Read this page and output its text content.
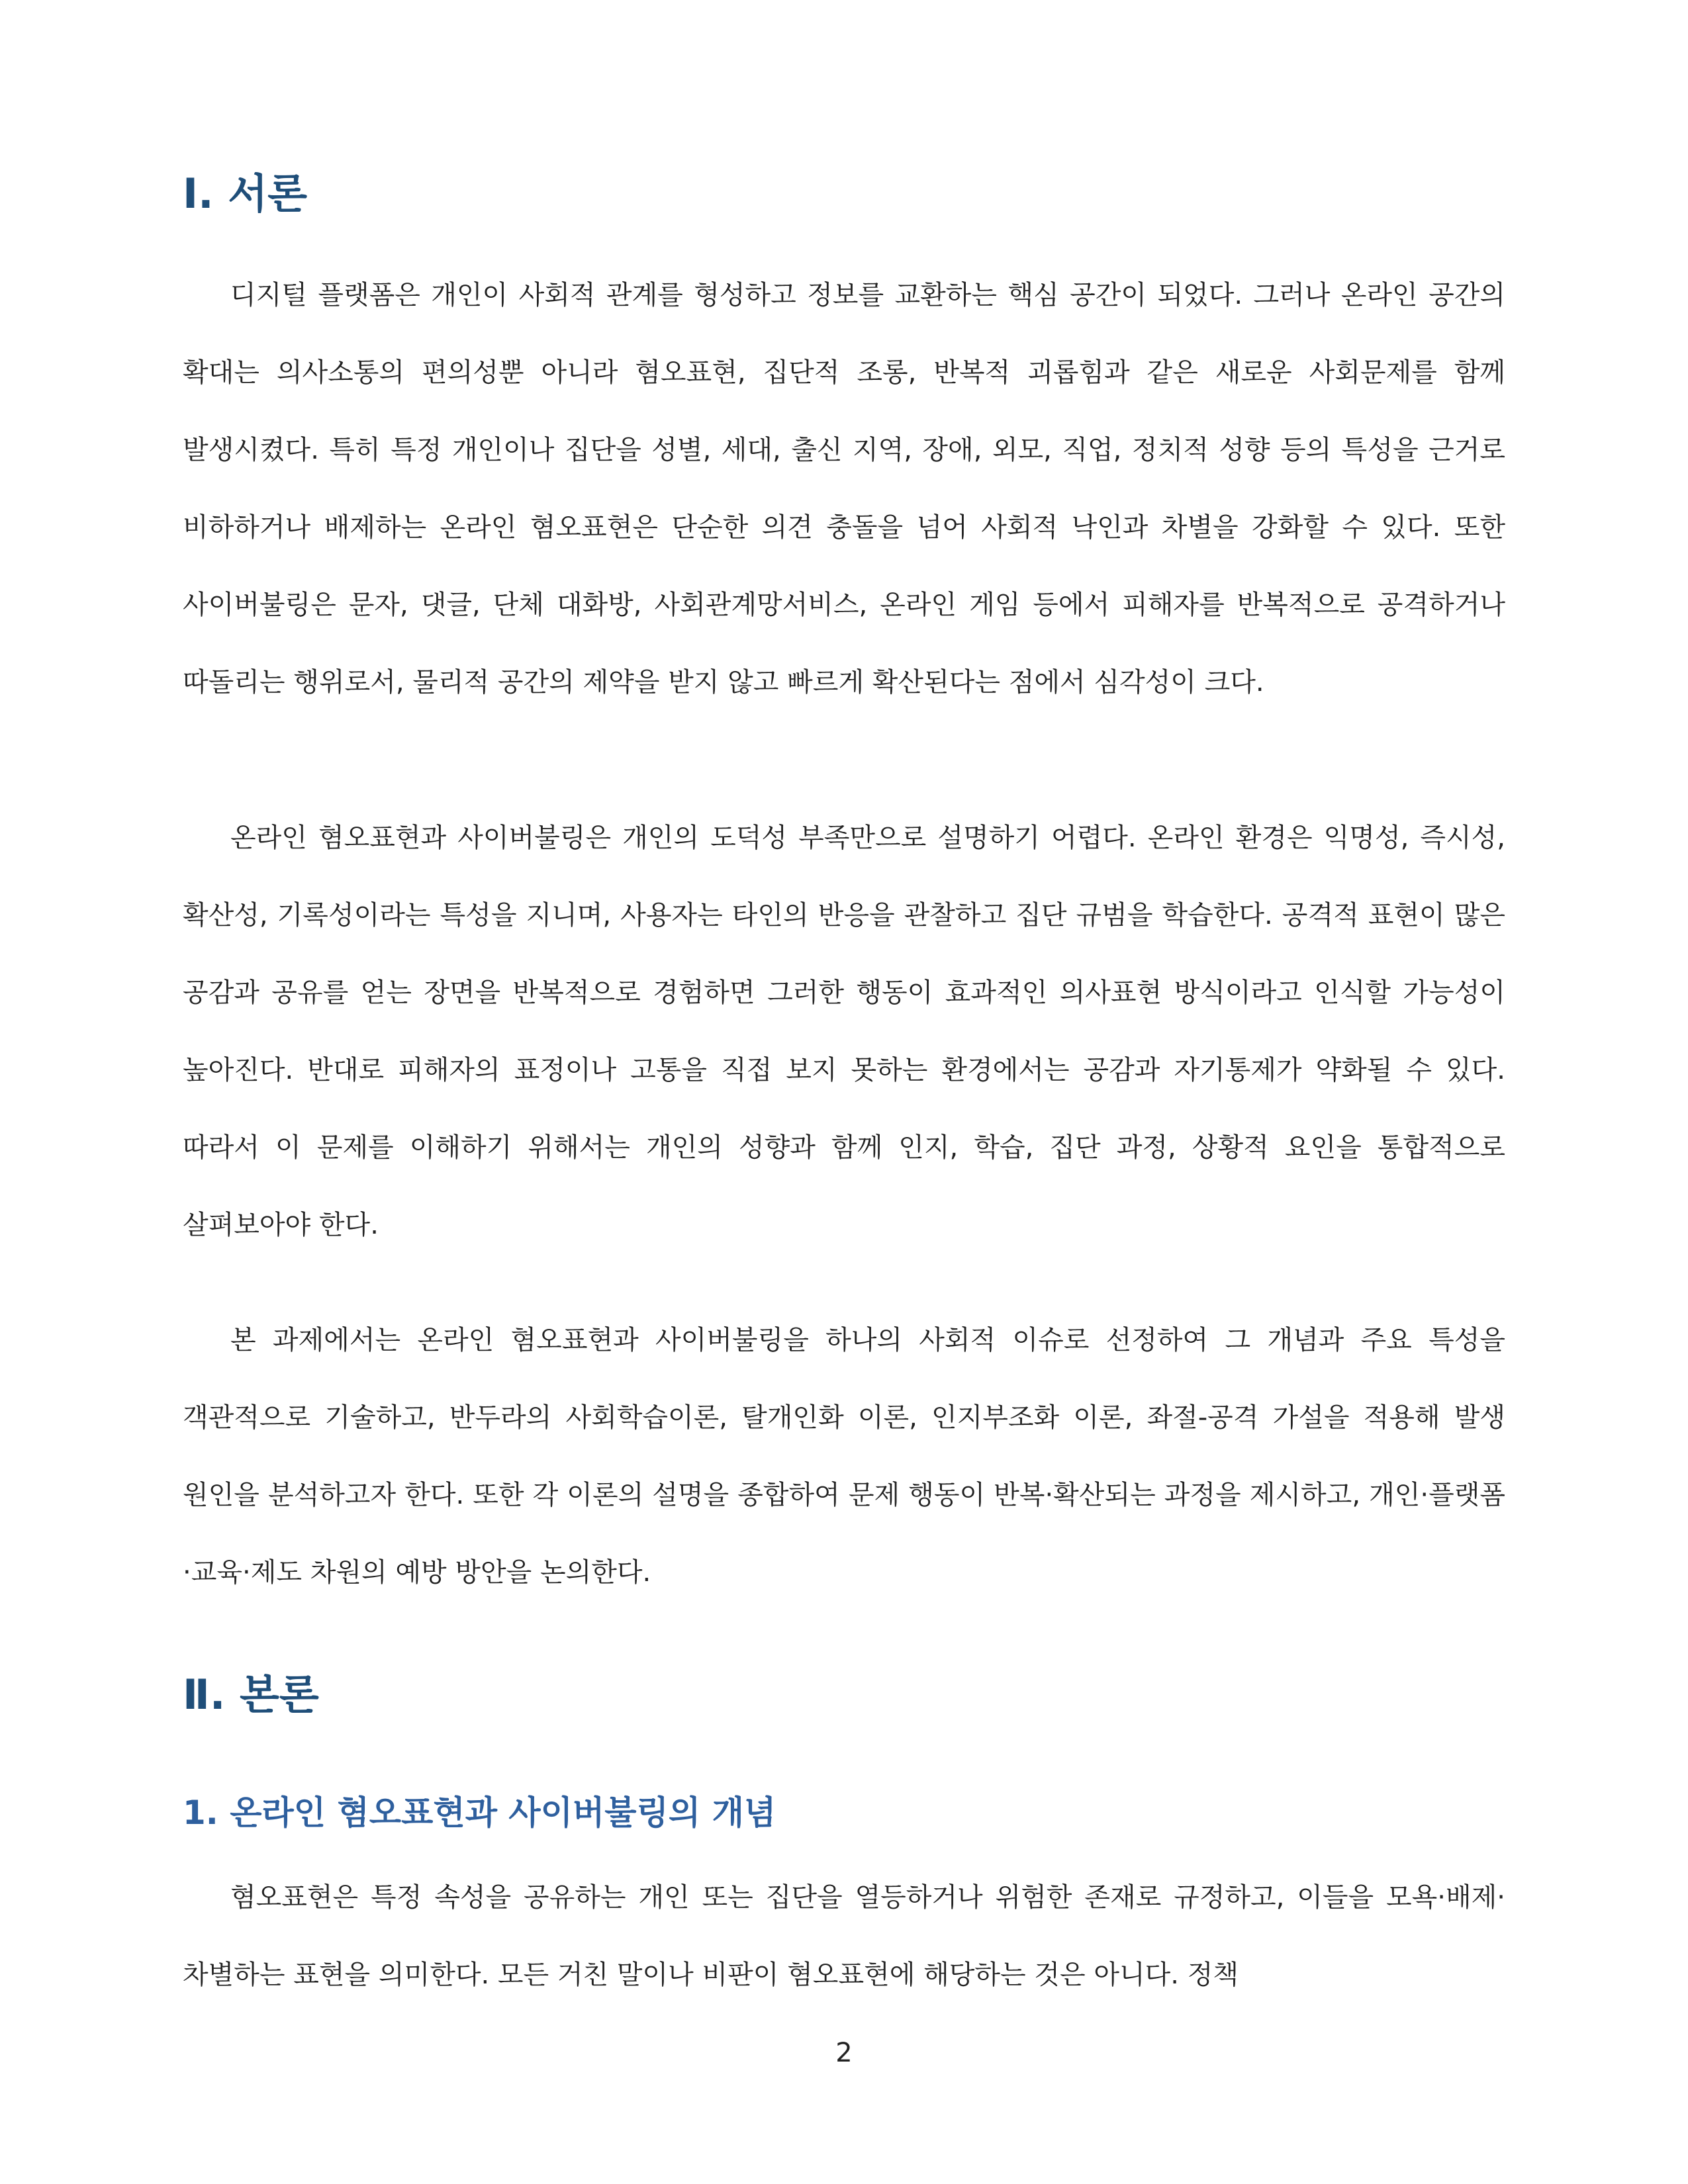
Ⅰ. 서론

디지털 플랫폼은 개인이 사회적 관계를 형성하고 정보를 교환하는 핵심 공간이 되었다. 그러나 온라인 공간의 확대는 의사소통의 편의성뿐 아니라 혐오표현, 집단적 조롱, 반복적 괴롭힘과 같은 새로운 사회문제를 함께 발생시켰다. 특히 특정 개인이나 집단을 성별, 세대, 출신 지역, 장애, 외모, 직업, 정치적 성향 등의 특성을 근거로 비하하거나 배제하는 온라인 혐오표현은 단순한 의견 충돌을 넘어 사회적 낙인과 차별을 강화할 수 있다. 또한 사이버불링은 문자, 댓글, 단체 대화방, 사회관계망서비스, 온라인 게임 등에서 피해자를 반복적으로 공격하거나 따돌리는 행위로서, 물리적 공간의 제약을 받지 않고 빠르게 확산된다는 점에서 심각성이 크다.

온라인 혐오표현과 사이버불링은 개인의 도덕성 부족만으로 설명하기 어렵다. 온라인 환경은 익명성, 즉시성, 확산성, 기록성이라는 특성을 지니며, 사용자는 타인의 반응을 관찰하고 집단 규범을 학습한다. 공격적 표현이 많은 공감과 공유를 얻는 장면을 반복적으로 경험하면 그러한 행동이 효과적인 의사표현 방식이라고 인식할 가능성이 높아진다. 반대로 피해자의 표정이나 고통을 직접 보지 못하는 환경에서는 공감과 자기통제가 약화될 수 있다. 따라서 이 문제를 이해하기 위해서는 개인의 성향과 함께 인지, 학습, 집단 과정, 상황적 요인을 통합적으로 살펴보아야 한다.

본 과제에서는 온라인 혐오표현과 사이버불링을 하나의 사회적 이슈로 선정하여 그 개념과 주요 특성을 객관적으로 기술하고, 반두라의 사회학습이론, 탈개인화 이론, 인지부조화 이론, 좌절-공격 가설을 적용해 발생 원인을 분석하고자 한다. 또한 각 이론의 설명을 종합하여 문제 행동이 반복·확산되는 과정을 제시하고, 개인·플랫폼·교육·제도 차원의 예방 방안을 논의한다.

Ⅱ. 본론
1. 온라인 혐오표현과 사이버불링의 개념

혐오표현은 특정 속성을 공유하는 개인 또는 집단을 열등하거나 위험한 존재로 규정하고, 이들을 모욕·배제·차별하는 표현을 의미한다. 모든 거친 말이나 비판이 혐오표현에 해당하는 것은 아니다. 정책

2
